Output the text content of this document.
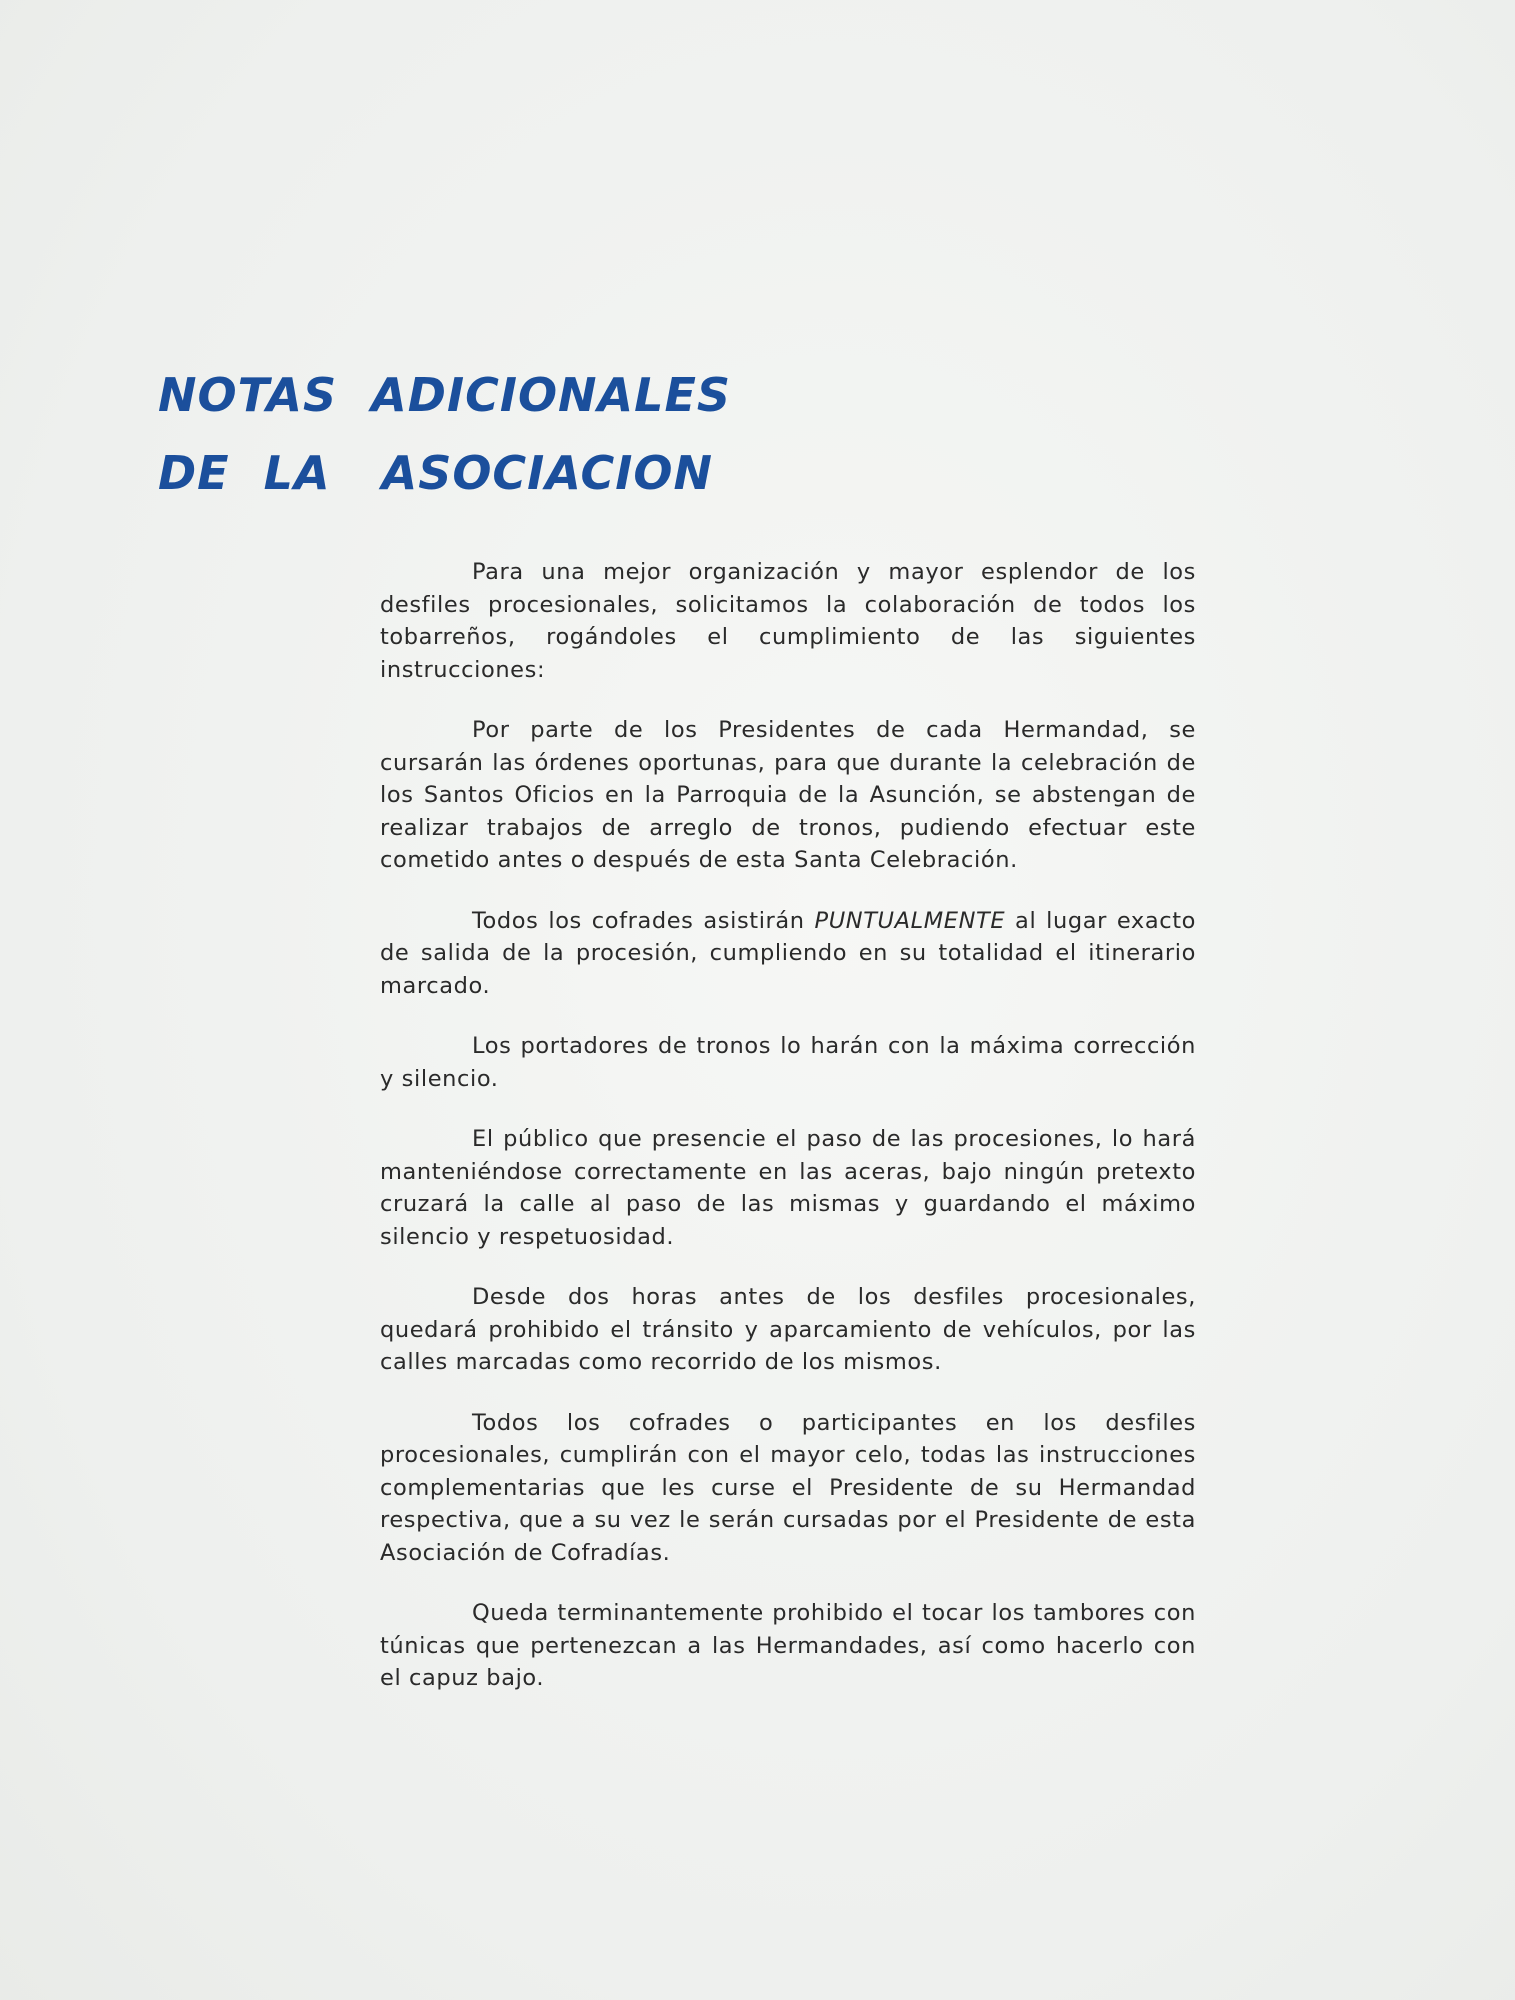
NOTAS  ADICIONALES
DE  LA   ASOCIACION

Para una mejor organización y mayor esplendor de los desfiles procesionales, solicitamos la colaboración de todos los tobarreños, rogándoles el cumplimiento de las siguientes instrucciones:

Por parte de los Presidentes de cada Hermandad, se cursarán las órdenes oportunas, para que durante la celebración de los Santos Oficios en la Parroquia de la Asunción, se abstengan de realizar trabajos de arreglo de tronos, pudiendo efectuar este cometido antes o después de esta Santa Celebración.

Todos los cofrades asistirán PUNTUALMENTE al lugar exacto de salida de la procesión, cumpliendo en su totalidad el itinerario marcado.

Los portadores de tronos lo harán con la máxima corrección y silencio.

El público que presencie el paso de las procesiones, lo hará manteniéndose correctamente en las aceras, bajo ningún pretexto cruzará la calle al paso de las mismas y guardando el máximo silencio y respetuosidad.

Desde dos horas antes de los desfiles procesionales, quedará prohibido el tránsito y aparcamiento de vehículos, por las calles marcadas como recorrido de los mismos.

Todos los cofrades o participantes en los desfiles procesionales, cumplirán con el mayor celo, todas las instrucciones complementarias que les curse el Presidente de su Hermandad respectiva, que a su vez le serán cursadas por el Presidente de esta Asociación de Cofradías.

Queda terminantemente prohibido el tocar los tambores con túnicas que pertenezcan a las Hermandades, así como hacerlo con el capuz bajo.
